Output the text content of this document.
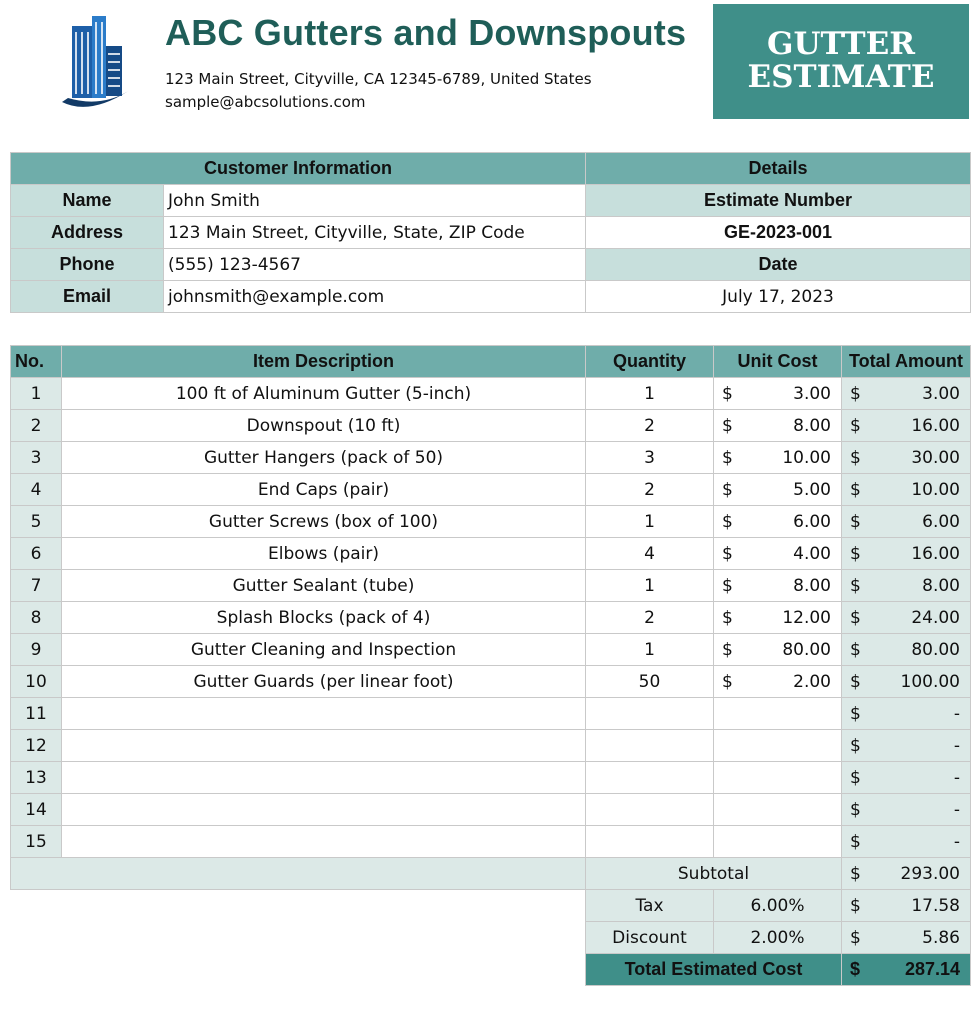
ABC Gutters and Downspouts
123 Main Street, Cityville, CA 12345-6789, United States
sample@abcsolutions.com
GUTTER
ESTIMATE
Customer Information		Details
Name	John Smith	Estimate Number
Address	123 Main Street, Cityville, State, ZIP Code	GE-2023-001
Phone	(555) 123-4567	Date
Email	johnsmith@example.com	July 17, 2023
No.	Item Description	Quantity	Unit Cost	Total Amount
1	100 ft of Aluminum Gutter (5-inch)	1	$ 3.00	$ 3.00

2	Downspout (10 ft)	2	$ 8.00	$ 16.00

3	Gutter Hangers (pack of 50)	3	$ 10.00	$ 30.00

4	End Caps (pair)	2	$ 5.00	$ 10.00

5	Gutter Screws (box of 100)	1	$ 6.00	$ 6.00

6	Elbows (pair)	4	$ 4.00	$ 16.00

7	Gutter Sealant (tube)	1	$ 8.00	$ 8.00

8	Splash Blocks (pack of 4)	2	$ 12.00	$ 24.00

9	Gutter Cleaning and Inspection	1	$ 80.00	$ 80.00

10	Gutter Guards (per linear foot)	50	$ 2.00	$ 100.00

11				$ -

12				$ -

13				$ -

14				$ -

15				$ -

		Subtotal		$ 293.00

		Tax	6.00%	$ 17.58

		Discount	2.00%	$ 5.86

		Total Estimated Cost		$ 287.14
